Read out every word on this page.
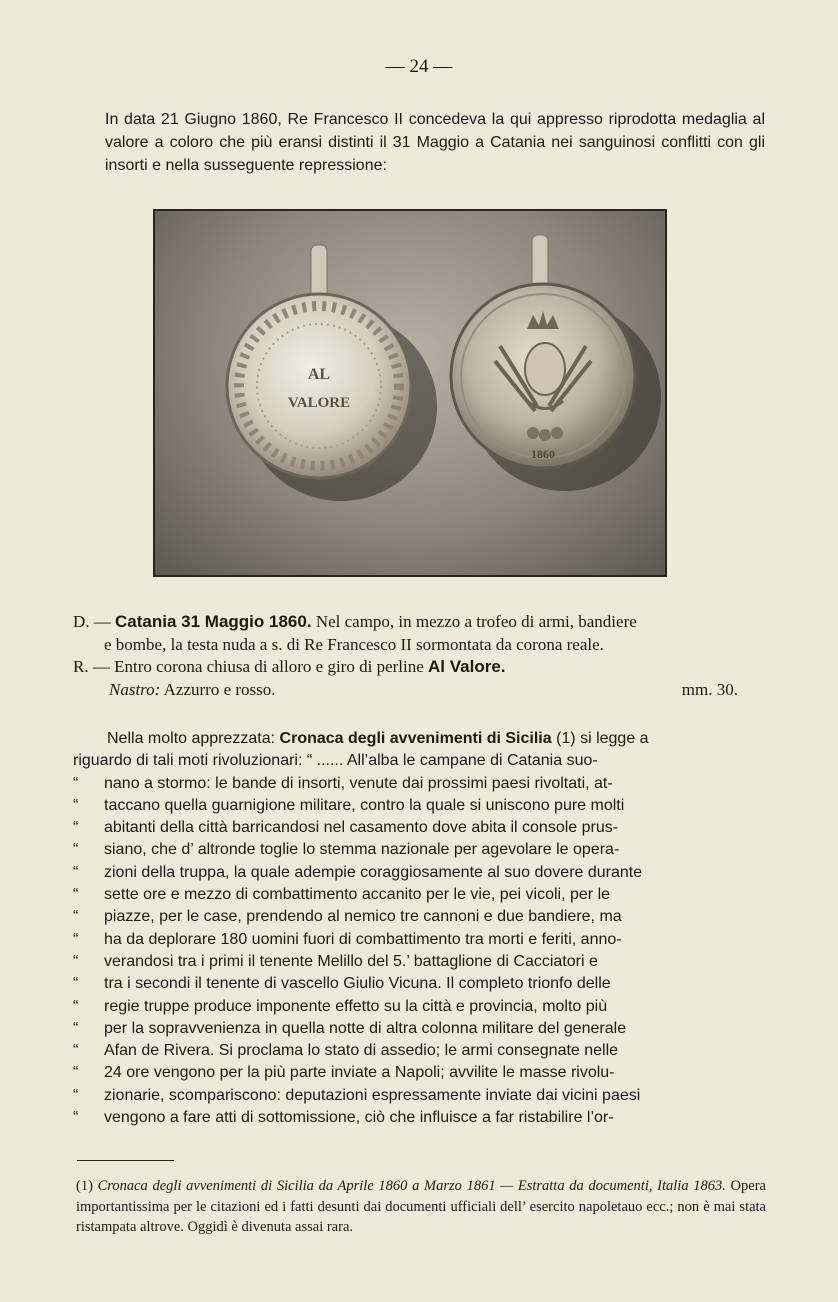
— 24 —

In data 21 Giugno 1860, Re Francesco II concedeva la qui appresso riprodotta medaglia al valore a coloro che più eransi distinti il 31 Maggio a Catania nei sanguinosi conflitti con gli insorti e nella susseguente repressione:

AL
VALORE
1860

D. — Catania 31 Maggio 1860. Nel campo, in mezzo a trofeo di armi, bandiere

e bombe, la testa nuda a s. di Re Francesco II sormontata da corona reale.

R. — Entro corona chiusa di alloro e giro di perline Al Valore.

Nastro: Azzurro e rosso.	mm. 30.

Nella molto apprezzata: Cronaca degli avvenimenti di Sicilia (1) si legge a
riguardo di tali moti rivoluzionari: “ ...... All’alba le campane di Catania suo-
“ nano a stormo: le bande di insorti, venute dai prossimi paesi rivoltati, at-
“ taccano quella guarnigione militare, contro la quale si uniscono pure molti
“ abitanti della città barricandosi nel casamento dove abita il console prus-
“ siano, che d’ altronde toglie lo stemma nazionale per agevolare le opera-
“ zioni della truppa, la quale adempie coraggiosamente al suo dovere durante
“ sette ore e mezzo di combattimento accanito per le vie, pei vicoli, per le
“ piazze, per le case, prendendo al nemico tre cannoni e due bandiere, ma
“ ha da deplorare 180 uomini fuori di combattimento tra morti e feriti, anno-
“ verandosi tra i primi il tenente Melillo del 5.’ battaglione di Cacciatori e
“ tra i secondi il tenente di vascello Giulio Vicuna. Il completo trionfo delle
“ regie truppe produce imponente effetto su la città e provincia, molto più
“ per la sopravvenienza in quella notte di altra colonna militare del generale
“ Afan de Rivera. Si proclama lo stato di assedio; le armi consegnate nelle
“ 24 ore vengono per la più parte inviate a Napoli; avvilite le masse rivolu-
“ zionarie, scompariscono: deputazioni espressamente inviate dai vicini paesi
“ vengono a fare atti di sottomissione, ciò che influisce a far ristabilire l’or-

(1) Cronaca degli avvenimenti di Sicilia da Aprile 1860 a Marzo 1861 — Estratta da documenti, Italia 1863. Opera importantissima per le citazioni ed i fatti desunti dai documenti ufficiali dell’ esercito napoletauo ecc.; non è mai stata ristampata altrove. Oggidì è divenuta assai rara.
